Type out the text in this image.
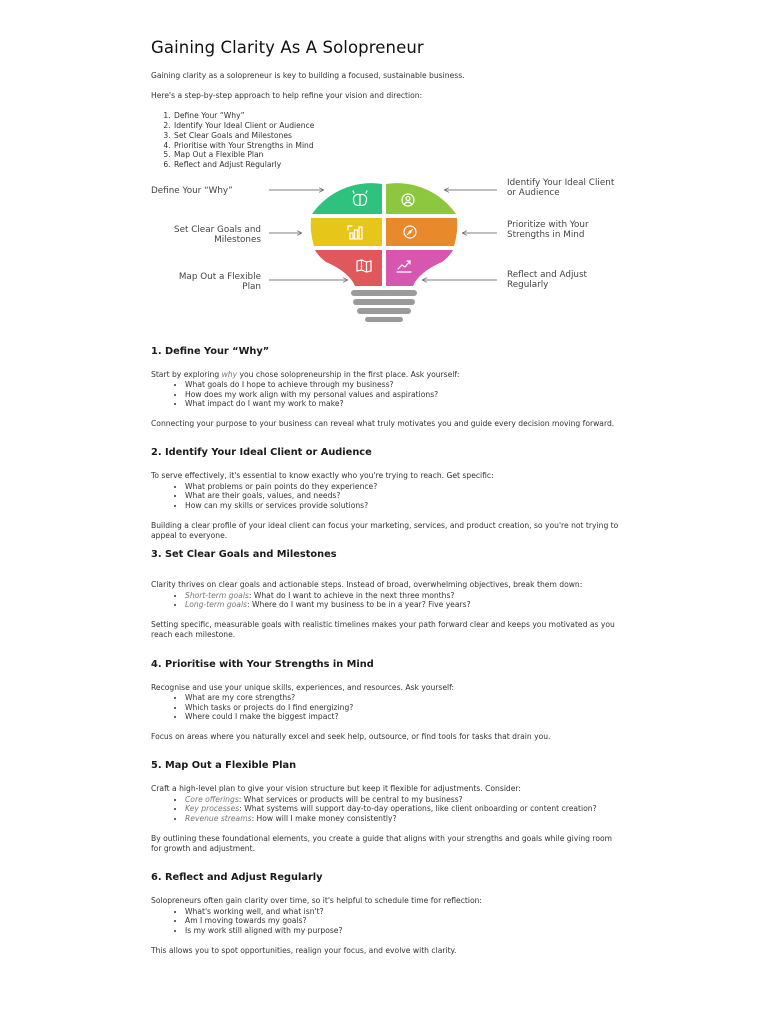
Gaining Clarity As A Solopreneur

Gaining clarity as a solopreneur is key to building a focused, sustainable business.

Here's a step-by-step approach to help refine your vision and direction:

1. Define Your “Why”
2. Identify Your Ideal Client or Audience
3. Set Clear Goals and Milestones
4. Prioritise with Your Strengths in Mind
5. Map Out a Flexible Plan
6. Reflect and Adjust Regularly
Define Your “Why”
Set Clear Goals and Milestones
Map Out a Flexible Plan
Identify Your Ideal Client or Audience
Prioritize with Your Strengths in Mind
Reflect and Adjust Regularly
1. Define Your “Why”

Start by exploring why you chose solopreneurship in the first place. Ask yourself:

• What goals do I hope to achieve through my business?
• How does my work align with my personal values and aspirations?
• What impact do I want my work to make?

Connecting your purpose to your business can reveal what truly motivates you and guide every decision moving forward.

2. Identify Your Ideal Client or Audience

To serve effectively, it's essential to know exactly who you're trying to reach. Get specific:

• What problems or pain points do they experience?
• What are their goals, values, and needs?
• How can my skills or services provide solutions?

Building a clear profile of your ideal client can focus your marketing, services, and product creation, so you're not trying to appeal to everyone.

3. Set Clear Goals and Milestones

Clarity thrives on clear goals and actionable steps. Instead of broad, overwhelming objectives, break them down:

• Short-term goals: What do I want to achieve in the next three months?
• Long-term goals: Where do I want my business to be in a year? Five years?

Setting specific, measurable goals with realistic timelines makes your path forward clear and keeps you motivated as you reach each milestone.

4. Prioritise with Your Strengths in Mind

Recognise and use your unique skills, experiences, and resources. Ask yourself:

• What are my core strengths?
• Which tasks or projects do I find energizing?
• Where could I make the biggest impact?

Focus on areas where you naturally excel and seek help, outsource, or find tools for tasks that drain you.

5. Map Out a Flexible Plan

Craft a high-level plan to give your vision structure but keep it flexible for adjustments. Consider:

• Core offerings: What services or products will be central to my business?
• Key processes: What systems will support day-to-day operations, like client onboarding or content creation?
• Revenue streams: How will I make money consistently?

By outlining these foundational elements, you create a guide that aligns with your strengths and goals while giving room for growth and adjustment.

6. Reflect and Adjust Regularly

Solopreneurs often gain clarity over time, so it's helpful to schedule time for reflection:

• What's working well, and what isn't?
• Am I moving towards my goals?
• Is my work still aligned with my purpose?

This allows you to spot opportunities, realign your focus, and evolve with clarity.
